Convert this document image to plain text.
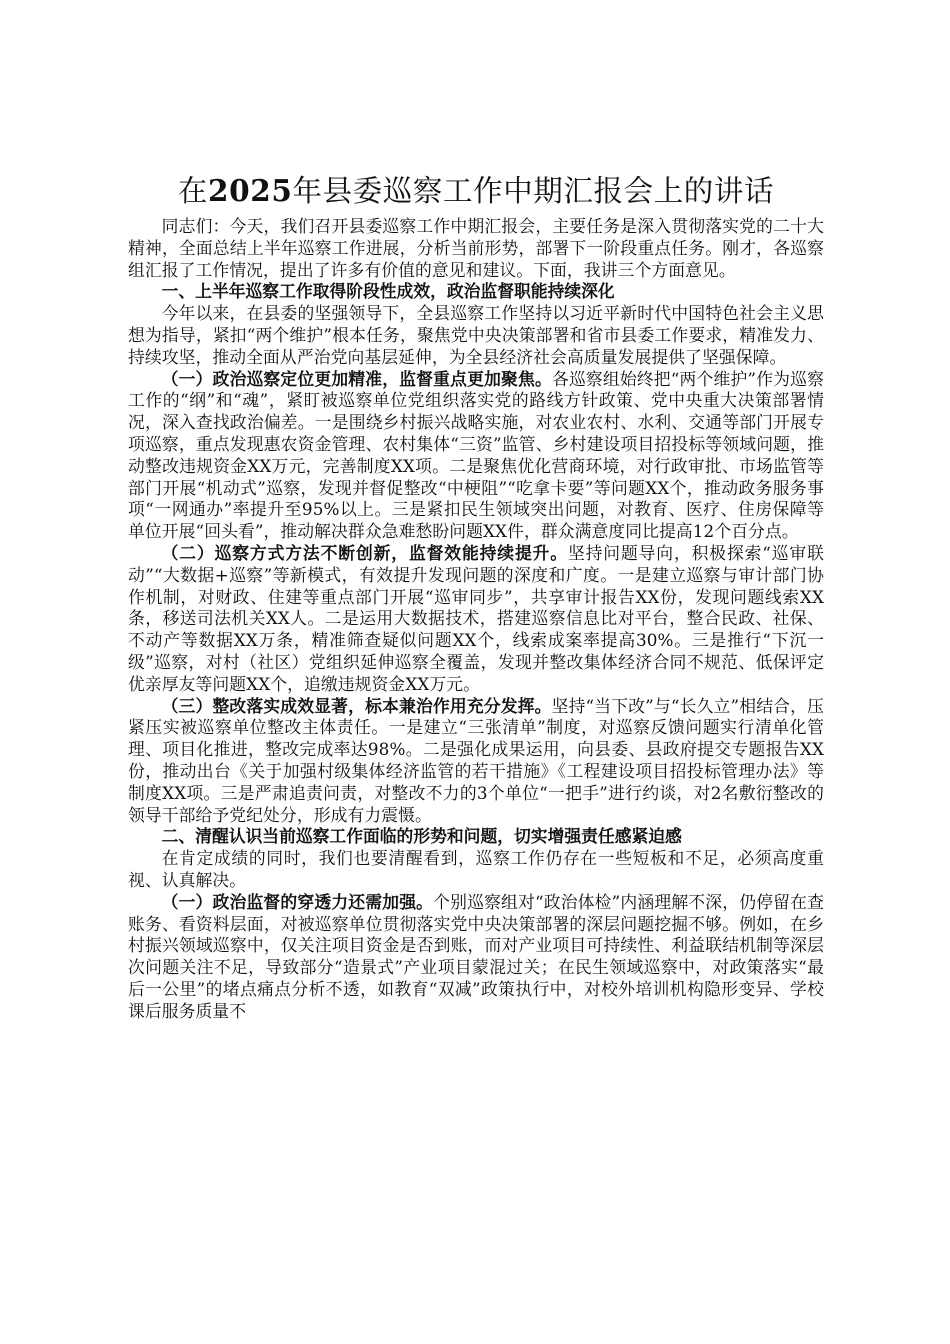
在2025年县委巡察工作中期汇报会上的讲话

同志们：今天，我们召开县委巡察工作中期汇报会，主要任务是深入贯彻落实党的二十大精神，全面总结上半年巡察工作进展，分析当前形势，部署下一阶段重点任务。刚才，各巡察组汇报了工作情况，提出了许多有价值的意见和建议。下面，我讲三个方面意见。

一、上半年巡察工作取得阶段性成效，政治监督职能持续深化

今年以来，在县委的坚强领导下，全县巡察工作坚持以习近平新时代中国特色社会主义思想为指导，紧扣“两个维护”根本任务，聚焦党中央决策部署和省市县委工作要求，精准发力、持续攻坚，推动全面从严治党向基层延伸，为全县经济社会高质量发展提供了坚强保障。

（一）政治巡察定位更加精准，监督重点更加聚焦。各巡察组始终把“两个维护”作为巡察工作的“纲”和“魂”，紧盯被巡察单位党组织落实党的路线方针政策、党中央重大决策部署情况，深入查找政治偏差。一是围绕乡村振兴战略实施，对农业农村、水利、交通等部门开展专项巡察，重点发现惠农资金管理、农村集体“三资”监管、乡村建设项目招投标等领域问题，推动整改违规资金XX万元，完善制度XX项。二是聚焦优化营商环境，对行政审批、市场监管等部门开展“机动式”巡察，发现并督促整改“中梗阻”“吃拿卡要”等问题XX个，推动政务服务事项“一网通办”率提升至95%以上。三是紧扣民生领域突出问题，对教育、医疗、住房保障等单位开展“回头看”，推动解决群众急难愁盼问题XX件，群众满意度同比提高12个百分点。

（二）巡察方式方法不断创新，监督效能持续提升。坚持问题导向，积极探索“巡审联动”“大数据+巡察”等新模式，有效提升发现问题的深度和广度。一是建立巡察与审计部门协作机制，对财政、住建等重点部门开展“巡审同步”，共享审计报告XX份，发现问题线索XX条，移送司法机关XX人。二是运用大数据技术，搭建巡察信息比对平台，整合民政、社保、不动产等数据XX万条，精准筛查疑似问题XX个，线索成案率提高30%。三是推行“下沉一级”巡察，对村（社区）党组织延伸巡察全覆盖，发现并整改集体经济合同不规范、低保评定优亲厚友等问题XX个，追缴违规资金XX万元。

（三）整改落实成效显著，标本兼治作用充分发挥。坚持“当下改”与“长久立”相结合，压紧压实被巡察单位整改主体责任。一是建立“三张清单”制度，对巡察反馈问题实行清单化管理、项目化推进，整改完成率达98%。二是强化成果运用，向县委、县政府提交专题报告XX份，推动出台《关于加强村级集体经济监管的若干措施》《工程建设项目招投标管理办法》等制度XX项。三是严肃追责问责，对整改不力的3个单位“一把手”进行约谈，对2名敷衍整改的领导干部给予党纪处分，形成有力震慑。

二、清醒认识当前巡察工作面临的形势和问题，切实增强责任感紧迫感

在肯定成绩的同时，我们也要清醒看到，巡察工作仍存在一些短板和不足，必须高度重视、认真解决。

（一）政治监督的穿透力还需加强。个别巡察组对“政治体检”内涵理解不深，仍停留在查账务、看资料层面，对被巡察单位贯彻落实党中央决策部署的深层问题挖掘不够。例如，在乡村振兴领域巡察中，仅关注项目资金是否到账，而对产业项目可持续性、利益联结机制等深层次问题关注不足，导致部分“造景式”产业项目蒙混过关；在民生领域巡察中，对政策落实“最后一公里”的堵点痛点分析不透，如教育“双减”政策执行中，对校外培训机构隐形变异、学校课后服务质量不
